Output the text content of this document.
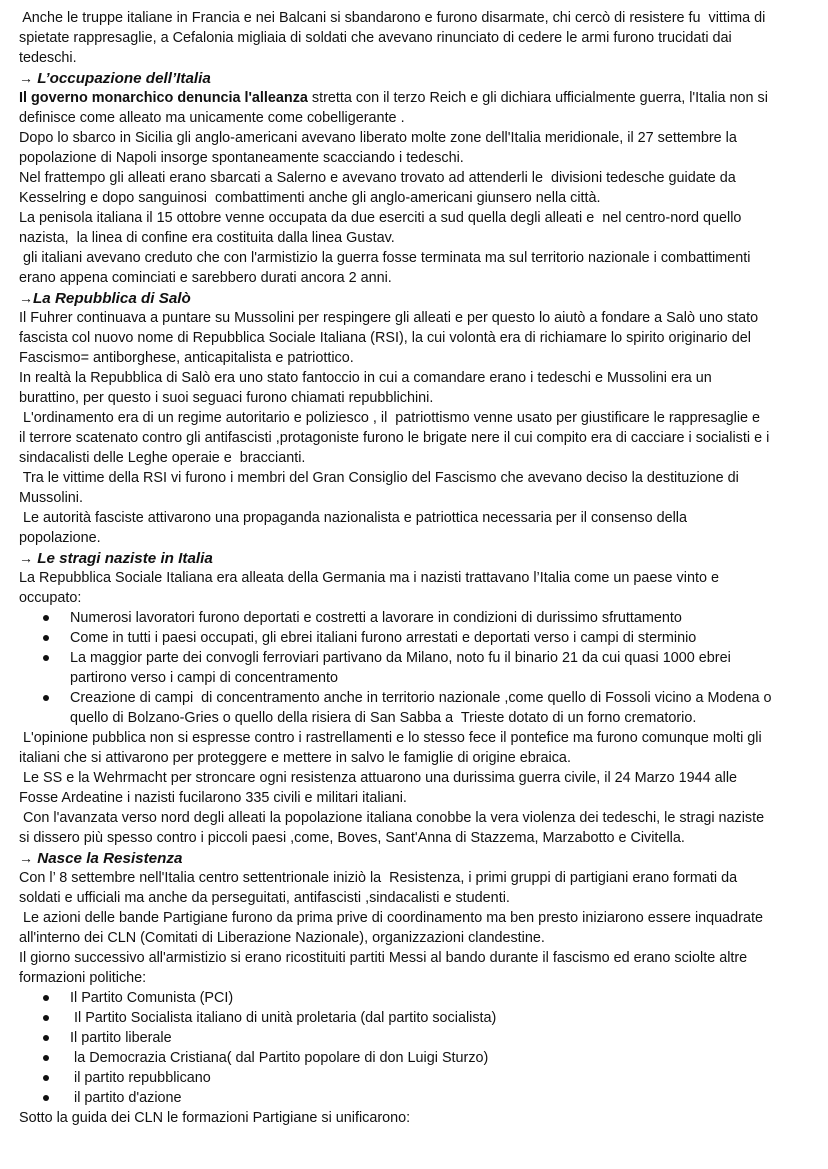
Anche le truppe italiane in Francia e nei Balcani si sbandarono e furono disarmate, chi cercò di resistere fu  vittima di

spietate rappresaglie, a Cefalonia migliaia di soldati che avevano rinunciato di cedere le armi furono trucidati dai

tedeschi.

→ L’occupazione dell’Italia

Il governo monarchico denuncia l'alleanza stretta con il terzo Reich e gli dichiara ufficialmente guerra, l'Italia non si

definisce come alleato ma unicamente come cobelligerante .

Dopo lo sbarco in Sicilia gli anglo-americani avevano liberato molte zone dell'Italia meridionale, il 27 settembre la

popolazione di Napoli insorge spontaneamente scacciando i tedeschi.

Nel frattempo gli alleati erano sbarcati a Salerno e avevano trovato ad attenderli le  divisioni tedesche guidate da

Kesselring e dopo sanguinosi  combattimenti anche gli anglo-americani giunsero nella città.

La penisola italiana il 15 ottobre venne occupata da due eserciti a sud quella degli alleati e  nel centro-nord quello

nazista,  la linea di confine era costituita dalla linea Gustav.

gli italiani avevano creduto che con l'armistizio la guerra fosse terminata ma sul territorio nazionale i combattimenti

erano appena cominciati e sarebbero durati ancora 2 anni.

→La Repubblica di Salò

Il Fuhrer continuava a puntare su Mussolini per respingere gli alleati e per questo lo aiutò a fondare a Salò uno stato

fascista col nuovo nome di Repubblica Sociale Italiana (RSI), la cui volontà era di richiamare lo spirito originario del

Fascismo= antiborghese, anticapitalista e patriottico.

In realtà la Repubblica di Salò era uno stato fantoccio in cui a comandare erano i tedeschi e Mussolini era un

burattino, per questo i suoi seguaci furono chiamati repubblichini.

L'ordinamento era di un regime autoritario e poliziesco , il  patriottismo venne usato per giustificare le rappresaglie e

il terrore scatenato contro gli antifascisti ,protagoniste furono le brigate nere il cui compito era di cacciare i socialisti e i

sindacalisti delle Leghe operaie e  braccianti.

Tra le vittime della RSI vi furono i membri del Gran Consiglio del Fascismo che avevano deciso la destituzione di

Mussolini.

Le autorità fasciste attivarono una propaganda nazionalista e patriottica necessaria per il consenso della

popolazione.

→ Le stragi naziste in Italia

La Repubblica Sociale Italiana era alleata della Germania ma i nazisti trattavano l’Italia come un paese vinto e

occupato:

Numerosi lavoratori furono deportati e costretti a lavorare in condizioni di durissimo sfruttamento

Come in tutti i paesi occupati, gli ebrei italiani furono arrestati e deportati verso i campi di sterminio

La maggior parte dei convogli ferroviari partivano da Milano, noto fu il binario 21 da cui quasi 1000 ebrei

partirono verso i campi di concentramento

Creazione di campi  di concentramento anche in territorio nazionale ,come quello di Fossoli vicino a Modena o

quello di Bolzano-Gries o quello della risiera di San Sabba a  Trieste dotato di un forno crematorio.

L'opinione pubblica non si espresse contro i rastrellamenti e lo stesso fece il pontefice ma furono comunque molti gli

italiani che si attivarono per proteggere e mettere in salvo le famiglie di origine ebraica.

Le SS e la Wehrmacht per stroncare ogni resistenza attuarono una durissima guerra civile, il 24 Marzo 1944 alle

Fosse Ardeatine i nazisti fucilarono 335 civili e militari italiani.

Con l'avanzata verso nord degli alleati la popolazione italiana conobbe la vera violenza dei tedeschi, le stragi naziste

si dissero più spesso contro i piccoli paesi ,come, Boves, Sant'Anna di Stazzema, Marzabotto e Civitella.

→ Nasce la Resistenza

Con l’ 8 settembre nell'Italia centro settentrionale iniziò la  Resistenza, i primi gruppi di partigiani erano formati da

soldati e ufficiali ma anche da perseguitati, antifascisti ,sindacalisti e studenti.

Le azioni delle bande Partigiane furono da prima prive di coordinamento ma ben presto iniziarono essere inquadrate

all'interno dei CLN (Comitati di Liberazione Nazionale), organizzazioni clandestine.

Il giorno successivo all'armistizio si erano ricostituiti partiti Messi al bando durante il fascismo ed erano sciolte altre

formazioni politiche:

Il Partito Comunista (PCI)

Il Partito Socialista italiano di unità proletaria (dal partito socialista)

Il partito liberale

la Democrazia Cristiana( dal Partito popolare di don Luigi Sturzo)

il partito repubblicano

il partito d'azione

Sotto la guida dei CLN le formazioni Partigiane si unificarono:
